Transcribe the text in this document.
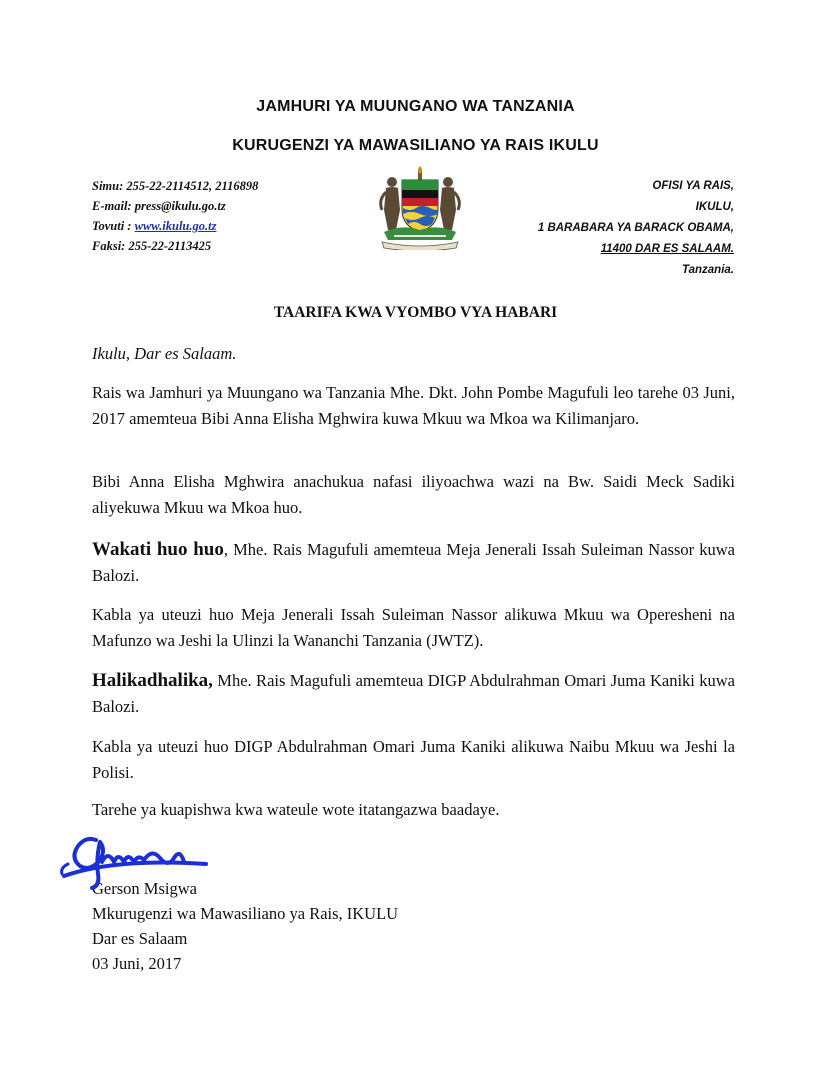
JAMHURI YA MUUNGANO WA TANZANIA
KURUGENZI YA MAWASILIANO YA RAIS IKULU
Simu: 255-22-2114512, 2116898
E-mail: press@ikulu.go.tz
Tovuti : www.ikulu.go.tz
Faksi: 255-22-2113425
OFISI YA RAIS,
IKULU,
1 BARABARA YA BARACK OBAMA,
11400 DAR ES SALAAM.
Tanzania.
TAARIFA KWA VYOMBO VYA HABARI
Ikulu, Dar es Salaam.
Rais wa Jamhuri ya Muungano wa Tanzania Mhe. Dkt. John Pombe Magufuli leo tarehe 03 Juni, 2017 amemteua Bibi Anna Elisha Mghwira kuwa Mkuu wa Mkoa wa Kilimanjaro.
Bibi Anna Elisha Mghwira anachukua nafasi iliyoachwa wazi na Bw. Saidi Meck Sadiki aliyekuwa Mkuu wa Mkoa huo.
Wakati huo huo, Mhe. Rais Magufuli amemteua Meja Jenerali Issah Suleiman Nassor kuwa Balozi.
Kabla ya uteuzi huo Meja Jenerali Issah Suleiman Nassor alikuwa Mkuu wa Operesheni na Mafunzo wa Jeshi la Ulinzi la Wananchi Tanzania (JWTZ).
Halikadhalika, Mhe. Rais Magufuli amemteua DIGP Abdulrahman Omari Juma Kaniki kuwa Balozi.
Kabla ya uteuzi huo DIGP Abdulrahman Omari Juma Kaniki alikuwa Naibu Mkuu wa Jeshi la Polisi.
Tarehe ya kuapishwa kwa wateule wote itatangazwa baadaye.
Gerson Msigwa
Mkurugenzi wa Mawasiliano ya Rais, IKULU
Dar es Salaam
03 Juni, 2017
